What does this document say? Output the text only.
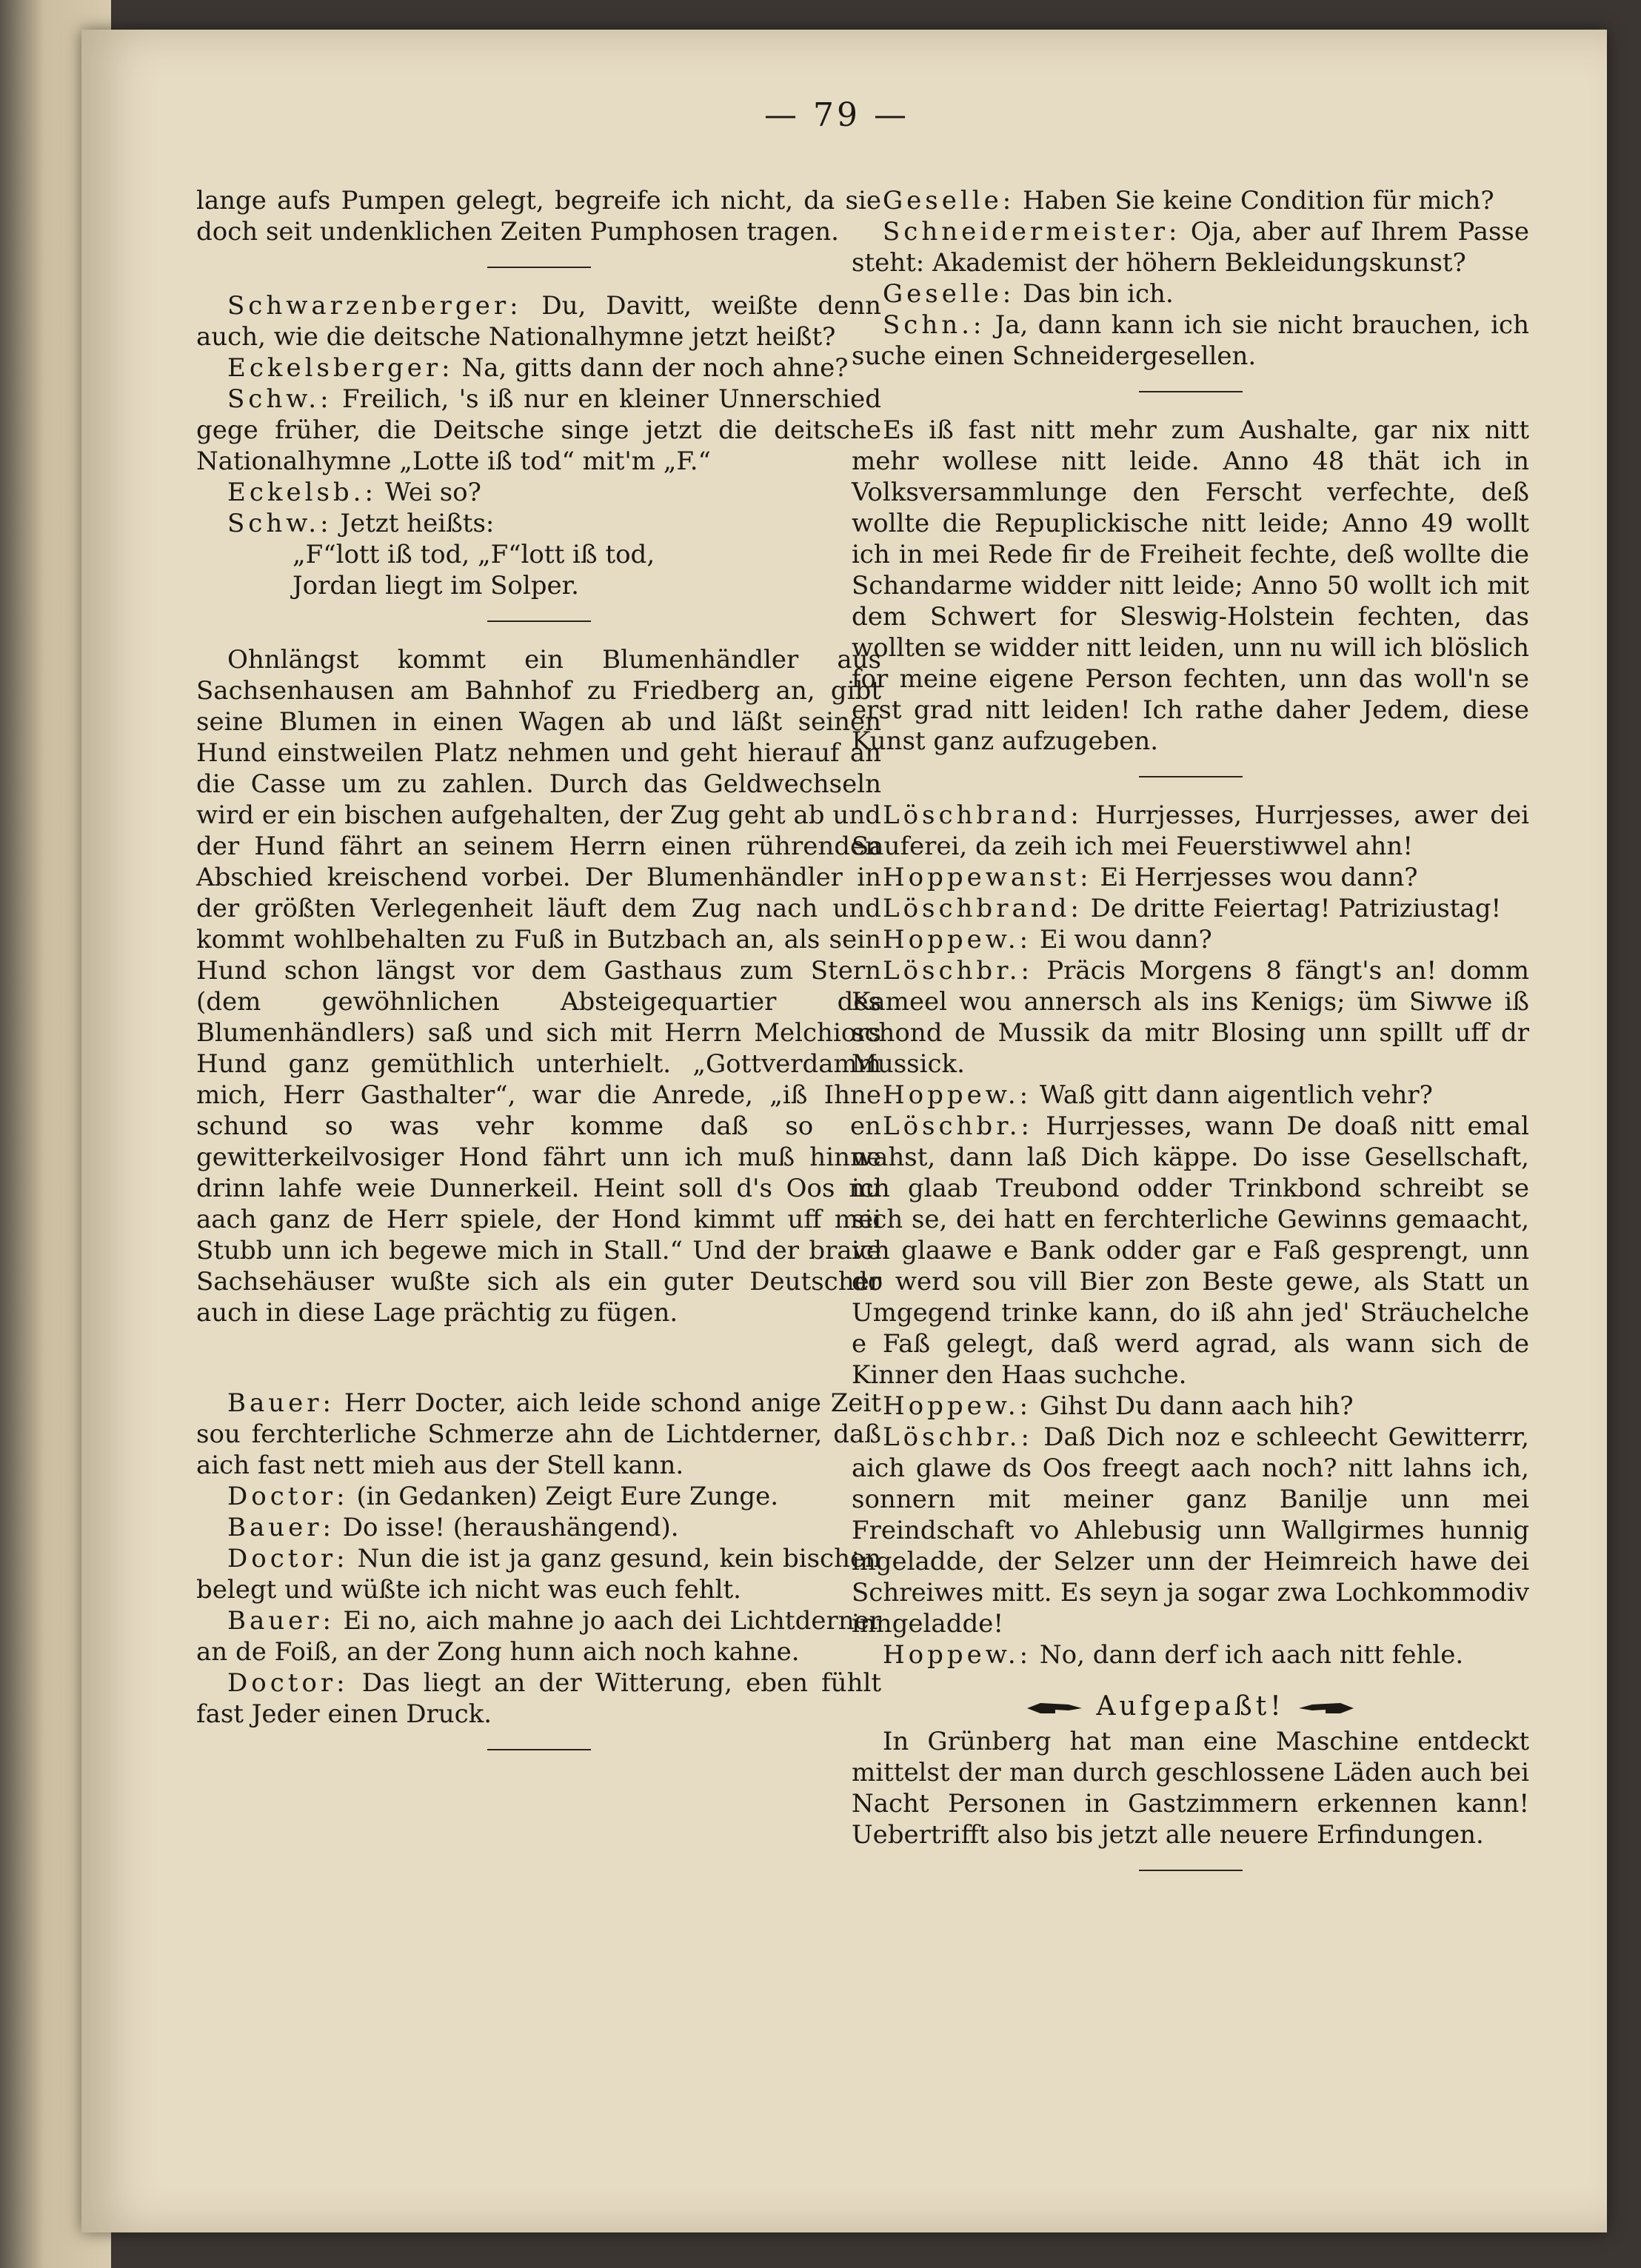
— 79 —

lange aufs Pumpen gelegt, begreife ich nicht, da sie doch seit undenklichen Zeiten Pumphosen tragen.

Schwarzenberger: Du, Davitt, weißte denn auch, wie die deitsche Nationalhymne jetzt heißt?

Eckelsberger: Na, gitts dann der noch ahne?

Schw.: Freilich, 's iß nur en kleiner Unnerschied gege früher, die Deitsche singe jetzt die deitsche Nationalhymne „Lotte iß tod“ mit'm „F.“

Eckelsb.: Wei so?

Schw.: Jetzt heißts:

„F“lott iß tod, „F“lott iß tod,
Jordan liegt im Solper.

Ohnlängst kommt ein Blumenhändler aus Sachsenhausen am Bahnhof zu Friedberg an, gibt seine Blumen in einen Wagen ab und läßt seinen Hund einstweilen Platz nehmen und geht hierauf an die Casse um zu zahlen. Durch das Geldwechseln wird er ein bischen aufgehalten, der Zug geht ab und der Hund fährt an seinem Herrn einen rührenden Abschied kreischend vorbei. Der Blumenhändler in der größten Verlegenheit läuft dem Zug nach und kommt wohlbehalten zu Fuß in Butzbach an, als sein Hund schon längst vor dem Gasthaus zum Stern (dem gewöhnlichen Absteigequartier des Blumenhändlers) saß und sich mit Herrn Melchiors Hund ganz gemüthlich unterhielt. „Gottverdamm mich, Herr Gasthalter“, war die Anrede, „iß Ihne schund so was vehr komme daß so en gewitterkeilvosiger Hond fährt unn ich muß hinne drinn lahfe weie Dunnerkeil. Heint soll d's Oos nu aach ganz de Herr spiele, der Hond kimmt uff mei Stubb unn ich begewe mich in Stall.“ Und der brave Sachsehäuser wußte sich als ein guter Deutscher auch in diese Lage prächtig zu fügen.

Bauer: Herr Docter, aich leide schond anige Zeit sou ferchterliche Schmerze ahn de Lichtderner, daß aich fast nett mieh aus der Stell kann.

Doctor: (in Gedanken) Zeigt Eure Zunge.

Bauer: Do isse! (heraushängend).

Doctor: Nun die ist ja ganz gesund, kein bischen belegt und wüßte ich nicht was euch fehlt.

Bauer: Ei no, aich mahne jo aach dei Lichtderner an de Foiß, an der Zong hunn aich noch kahne.

Doctor: Das liegt an der Witterung, eben fühlt fast Jeder einen Druck.

Geselle: Haben Sie keine Condition für mich?

Schneidermeister: Oja, aber auf Ihrem Passe steht: Akademist der höhern Bekleidungskunst?

Geselle: Das bin ich.

Schn.: Ja, dann kann ich sie nicht brauchen, ich suche einen Schneidergesellen.

Es iß fast nitt mehr zum Aushalte, gar nix nitt mehr wollese nitt leide. Anno 48 thät ich in Volksversammlunge den Ferscht verfechte, deß wollte die Repuplickische nitt leide; Anno 49 wollt ich in mei Rede fir de Freiheit fechte, deß wollte die Schandarme widder nitt leide; Anno 50 wollt ich mit dem Schwert for Sleswig-Holstein fechten, das wollten se widder nitt leiden, unn nu will ich blöslich for meine eigene Person fechten, unn das woll'n se erst grad nitt leiden! Ich rathe daher Jedem, diese Kunst ganz aufzugeben.

Löschbrand: Hurrjesses, Hurrjesses, awer dei Sauferei, da zeih ich mei Feuerstiwwel ahn!

Hoppewanst: Ei Herrjesses wou dann?

Löschbrand: De dritte Feiertag! Patriziustag!

Hoppew.: Ei wou dann?

Löschbr.: Präcis Morgens 8 fängt's an! domm Kameel wou annersch als ins Kenigs; üm Siwwe iß schond de Mussik da mitr Blosing unn spillt uff dr Mussick.

Hoppew.: Waß gitt dann aigentlich vehr?

Löschbr.: Hurrjesses, wann De doaß nitt emal wahst, dann laß Dich käppe. Do isse Gesellschaft, ich glaab Treubond odder Trinkbond schreibt se sich se, dei hatt en ferchterliche Gewinns gemaacht, ich glaawe e Bank odder gar e Faß gesprengt, unn do werd sou vill Bier zon Beste gewe, als Statt un Umgegend trinke kann, do iß ahn jed' Sträuchelche e Faß gelegt, daß werd agrad, als wann sich de Kinner den Haas suchche.

Hoppew.: Gihst Du dann aach hih?

Löschbr.: Daß Dich noz e schleecht Gewitterrr, aich glawe ds Oos freegt aach noch? nitt lahns ich, sonnern mit meiner ganz Banilje unn mei Freindschaft vo Ahlebusig unn Wallgirmes hunnig ingeladde, der Selzer unn der Heimreich hawe dei Schreiwes mitt. Es seyn ja sogar zwa Lochkommodiv inngeladde!

Hoppew.: No, dann derf ich aach nitt fehle.

Aufgepaßt!

In Grünberg hat man eine Maschine entdeckt mittelst der man durch geschlossene Läden auch bei Nacht Personen in Gastzimmern erkennen kann! Uebertrifft also bis jetzt alle neuere Erfindungen.
